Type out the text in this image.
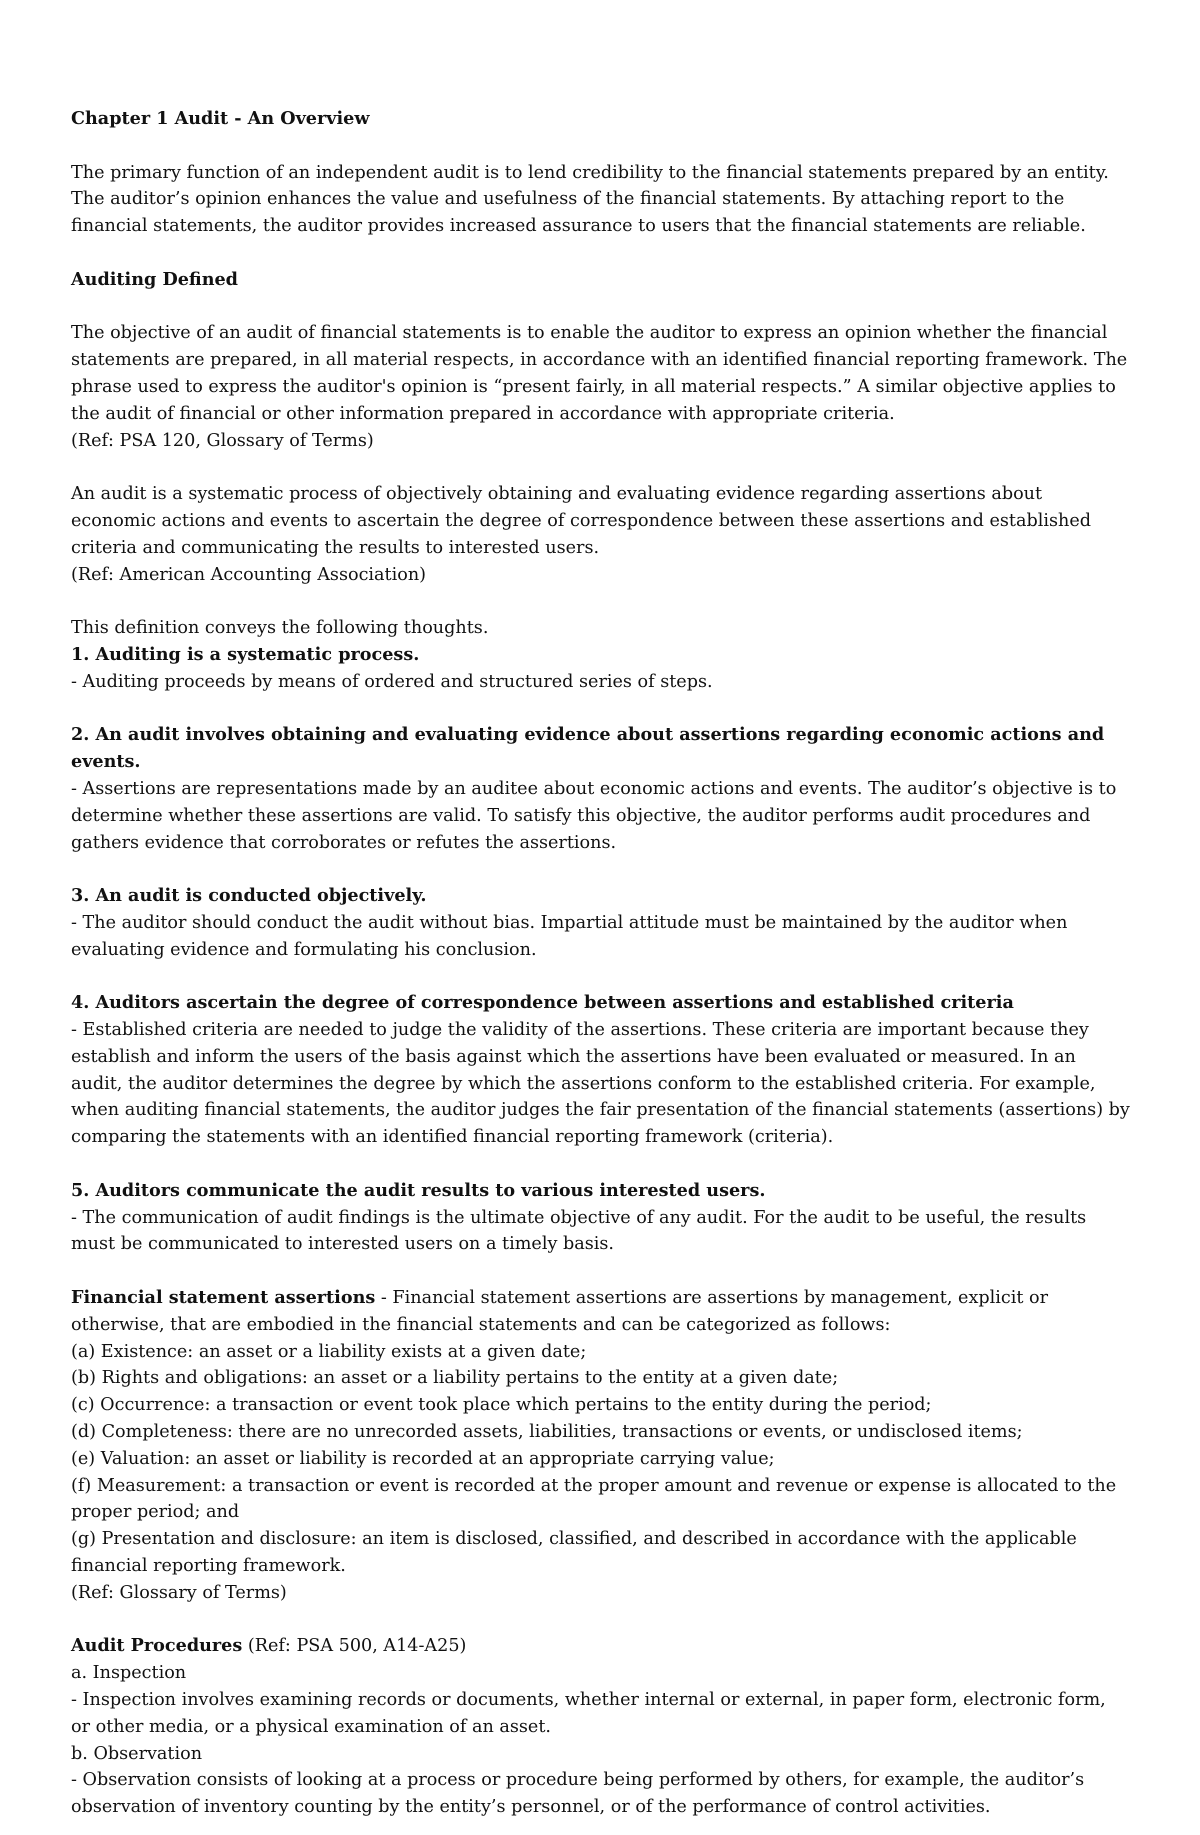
Chapter 1 Audit - An Overview

The primary function of an independent audit is to lend credibility to the financial statements prepared by an entity. The auditor’s opinion enhances the value and usefulness of the financial statements. By attaching report to the financial statements, the auditor provides increased assurance to users that the financial statements are reliable.

Auditing Defined

The objective of an audit of financial statements is to enable the auditor to express an opinion whether the financial statements are prepared, in all material respects, in accordance with an identified financial reporting framework. The phrase used to express the auditor's opinion is “present fairly, in all material respects.” A similar objective applies to the audit of financial or other information prepared in accordance with appropriate criteria.

(Ref: PSA 120, Glossary of Terms)

An audit is a systematic process of objectively obtaining and evaluating evidence regarding assertions about economic actions and events to ascertain the degree of correspondence between these assertions and established criteria and communicating the results to interested users.

(Ref: American Accounting Association)

This definition conveys the following thoughts.

1. Auditing is a systematic process.

- Auditing proceeds by means of ordered and structured series of steps.

2. An audit involves obtaining and evaluating evidence about assertions regarding economic actions and events.

- Assertions are representations made by an auditee about economic actions and events. The auditor’s objective is to determine whether these assertions are valid. To satisfy this objective, the auditor performs audit procedures and gathers evidence that corroborates or refutes the assertions.

3. An audit is conducted objectively.

- The auditor should conduct the audit without bias. Impartial attitude must be maintained by the auditor when evaluating evidence and formulating his conclusion.

4. Auditors ascertain the degree of correspondence between assertions and established criteria

- Established criteria are needed to judge the validity of the assertions. These criteria are important because they establish and inform the users of the basis against which the assertions have been evaluated or measured. In an audit, the auditor determines the degree by which the assertions conform to the established criteria. For example, when auditing financial statements, the auditor judges the fair presentation of the financial statements (assertions) by comparing the statements with an identified financial reporting framework (criteria).

5. Auditors communicate the audit results to various interested users.

- The communication of audit findings is the ultimate objective of any audit. For the audit to be useful, the results must be communicated to interested users on a timely basis.

Financial statement assertions - Financial statement assertions are assertions by management, explicit or otherwise, that are embodied in the financial statements and can be categorized as follows:

(a) Existence: an asset or a liability exists at a given date;

(b) Rights and obligations: an asset or a liability pertains to the entity at a given date;

(c) Occurrence: a transaction or event took place which pertains to the entity during the period;

(d) Completeness: there are no unrecorded assets, liabilities, transactions or events, or undisclosed items;

(e) Valuation: an asset or liability is recorded at an appropriate carrying value;

(f) Measurement: a transaction or event is recorded at the proper amount and revenue or expense is allocated to the proper period; and

(g) Presentation and disclosure: an item is disclosed, classified, and described in accordance with the applicable financial reporting framework.

(Ref: Glossary of Terms)

Audit Procedures (Ref: PSA 500, A14-A25)

a. Inspection

- Inspection involves examining records or documents, whether internal or external, in paper form, electronic form, or other media, or a physical examination of an asset.

b. Observation

- Observation consists of looking at a process or procedure being performed by others, for example, the auditor’s observation of inventory counting by the entity’s personnel, or of the performance of control activities.
